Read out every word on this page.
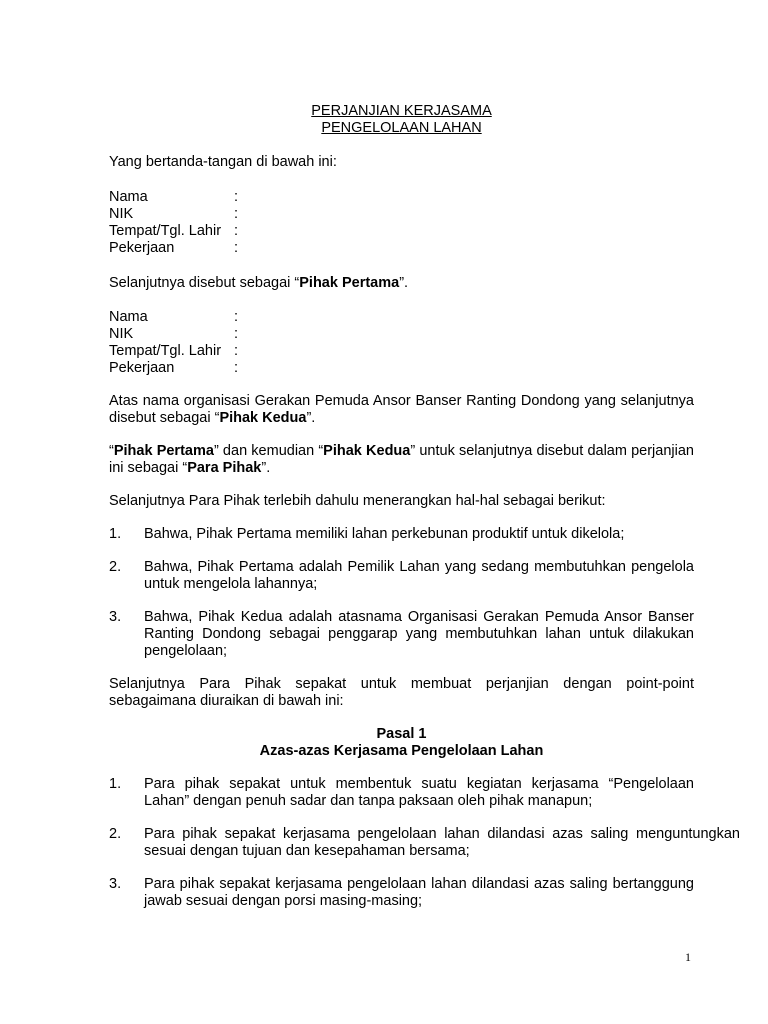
PERJANJIAN KERJASAMA

PENGELOLAAN LAHAN

Yang bertanda-tangan di bawah ini:

Nama	:
NIK	:
Tempat/Tgl. Lahir :
Pekerjaan	:

Selanjutnya disebut sebagai “Pihak Pertama”.

Nama	:
NIK	:
Tempat/Tgl. Lahir :
Pekerjaan	:

Atas nama organisasi Gerakan Pemuda Ansor Banser Ranting Dondong yang selanjutnya disebut sebagai “Pihak Kedua”.

“Pihak Pertama” dan kemudian “Pihak Kedua” untuk selanjutnya disebut dalam perjanjian ini sebagai “Para Pihak”.

Selanjutnya Para Pihak terlebih dahulu menerangkan hal-hal sebagai berikut:

1.	Bahwa, Pihak Pertama memiliki lahan perkebunan produktif untuk dikelola;
2.	Bahwa, Pihak Pertama adalah Pemilik Lahan yang sedang membutuhkan pengelola untuk mengelola lahannya;
3.	Bahwa, Pihak Kedua adalah atasnama Organisasi Gerakan Pemuda Ansor Banser Ranting Dondong sebagai penggarap yang membutuhkan lahan untuk dilakukan pengelolaan;

Selanjutnya Para Pihak sepakat untuk membuat perjanjian dengan point-point sebagaimana diuraikan di bawah ini:

Pasal 1

Azas-azas Kerjasama Pengelolaan Lahan

1.	Para pihak sepakat untuk membentuk suatu kegiatan kerjasama “Pengelolaan Lahan” dengan penuh sadar dan tanpa paksaan oleh pihak manapun;
2.	Para pihak sepakat kerjasama pengelolaan lahan dilandasi azas saling menguntungkan sesuai dengan tujuan dan kesepahaman bersama;
3.	Para pihak sepakat kerjasama pengelolaan lahan dilandasi azas saling bertanggung jawab sesuai dengan porsi masing-masing;
1
